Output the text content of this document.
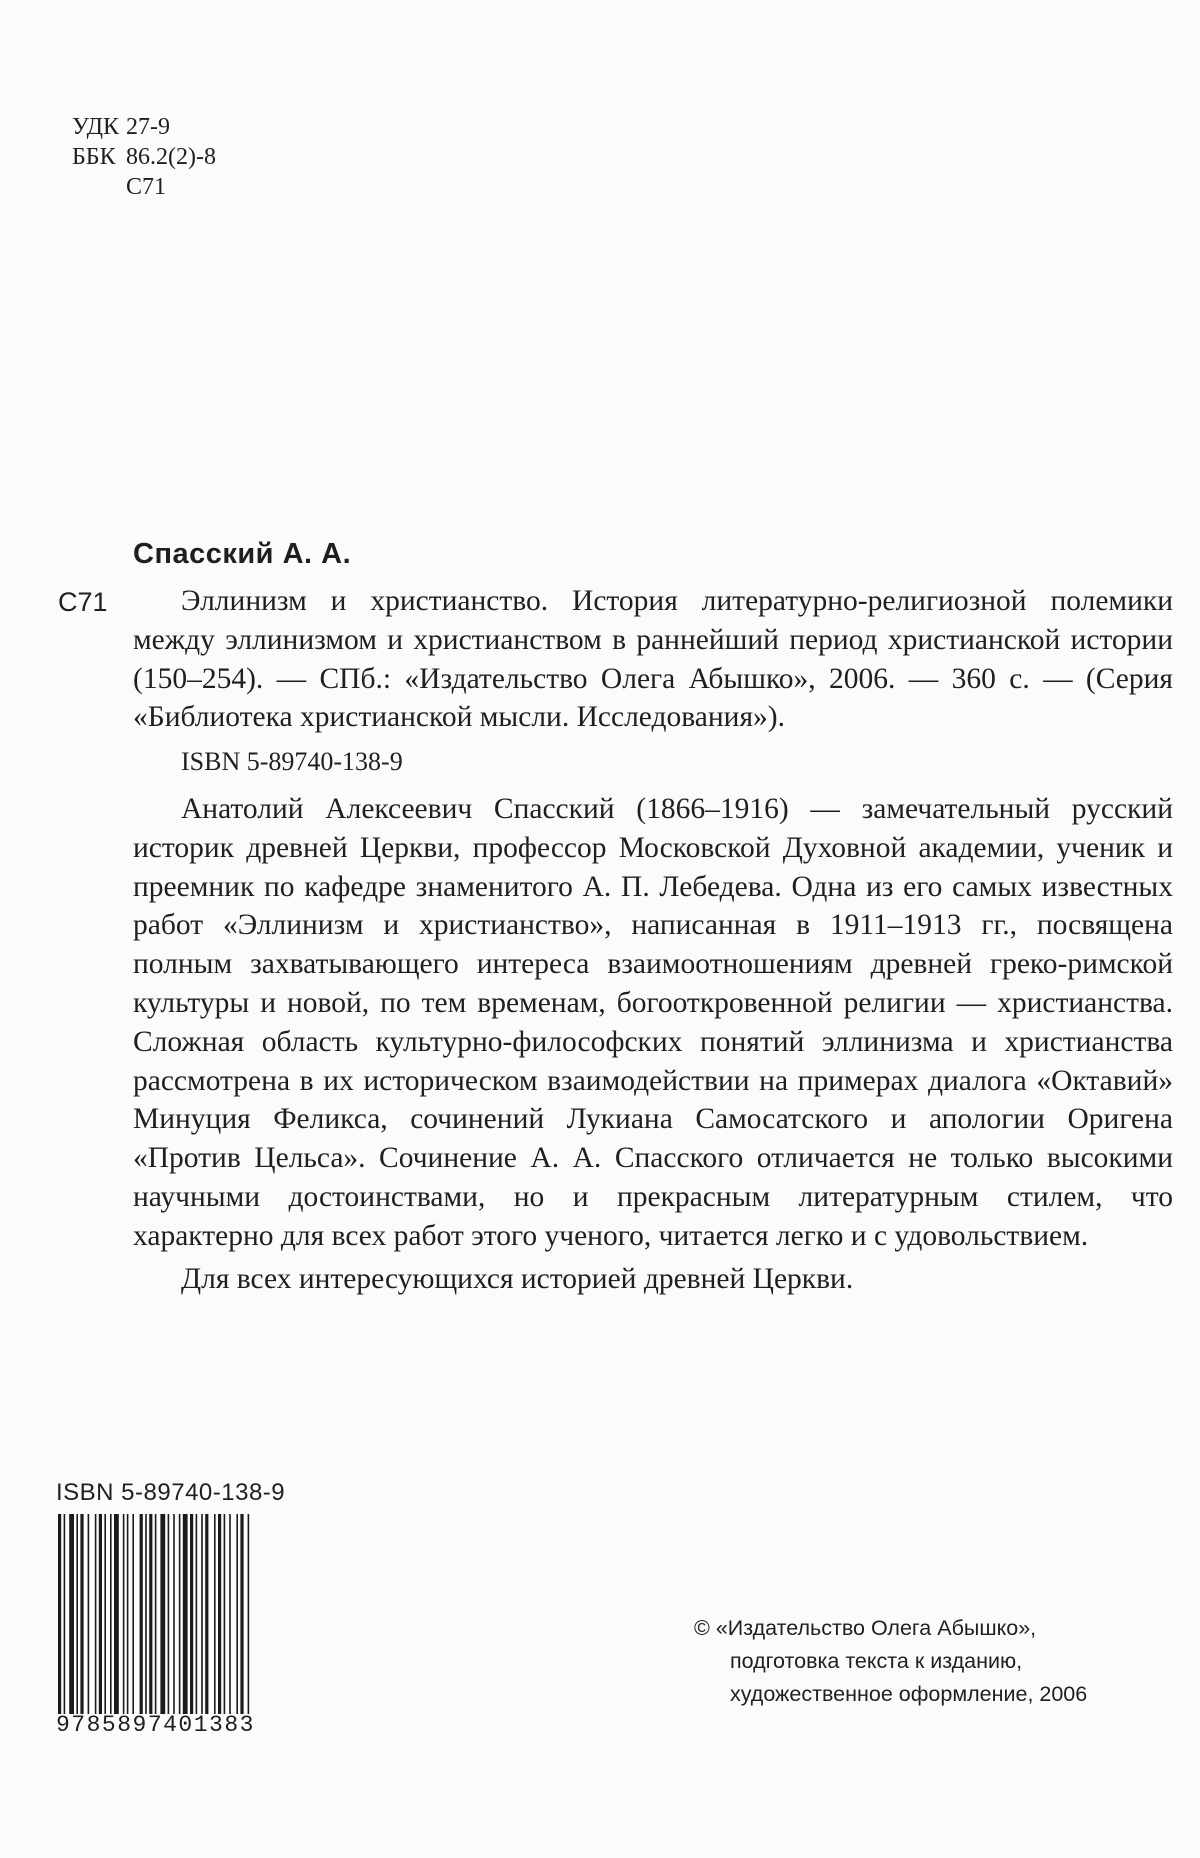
УДК 27-9
ББК 86.2(2)-8
С71
Спасский А. А.
С71	Эллинизм и христианство. История литературно-религиозной полемики между эллинизмом и христианством в раннейший период христианской истории (150–254). — СПб.: «Издательство Олега Абышко», 2006. — 360 с. — (Серия «Библиотека христианской мысли. Исследования»).

ISBN 5-89740-138-9

Анатолий Алексеевич Спасский (1866–1916) — замечательный русский историк древней Церкви, профессор Московской Духовной академии, ученик и преемник по кафедре знаменитого А. П. Лебедева. Одна из его самых известных работ «Эллинизм и христианство», написанная в 1911–1913 гг., посвящена полным захватывающего интереса взаимоотношениям древней греко-римской культуры и новой, по тем временам, богооткровенной религии — христианства. Сложная область культурно-философских понятий эллинизма и христианства рассмотрена в их историческом взаимодействии на примерах диалога «Октавий» Минуция Феликса, сочинений Лукиана Самосатского и апологии Оригена «Против Цельса». Сочинение А. А. Спасского отличается не только высокими научными достоинствами, но и прекрасным литературным стилем, что характерно для всех работ этого ученого, читается легко и с удовольствием.

Для всех интересующихся историей древней Церкви.

ISBN 5-89740-138-9
9785897401383
© «Издательство Олега Абышко»,
подготовка текста к изданию,
художественное оформление, 2006
